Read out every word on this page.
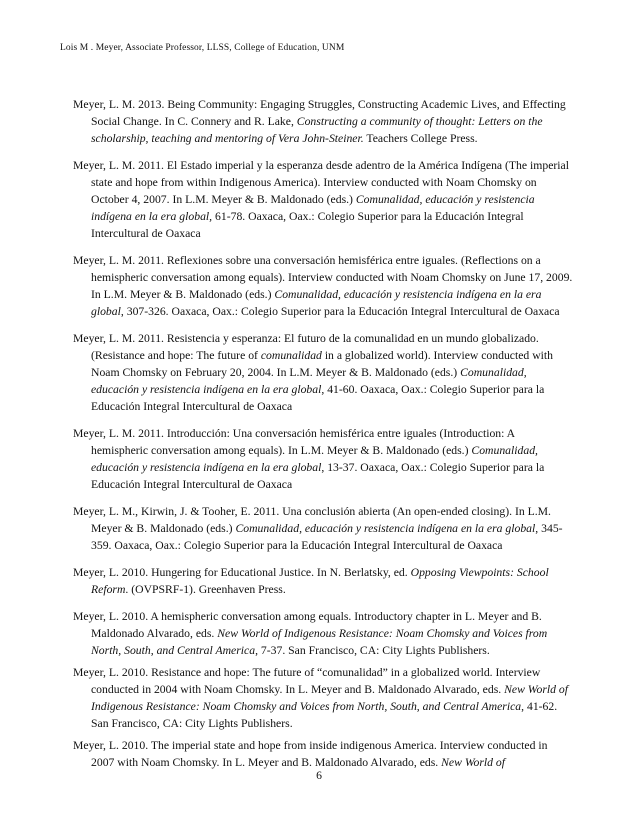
Lois M . Meyer, Associate Professor, LLSS, College of Education, UNM

Meyer, L. M. 2013. Being Community: Engaging Struggles, Constructing Academic Lives, and Effecting Social Change. In C. Connery and R. Lake, Constructing a community of thought: Letters on the scholarship, teaching and mentoring of Vera John-Steiner. Teachers College Press.

Meyer, L. M. 2011. El Estado imperial y la esperanza desde adentro de la América Indígena (The imperial state and hope from within Indigenous America). Interview conducted with Noam Chomsky on October 4, 2007. In L.M. Meyer & B. Maldonado (eds.) Comunalidad, educación y resistencia indígena en la era global, 61-78. Oaxaca, Oax.: Colegio Superior para la Educación Integral Intercultural de Oaxaca

Meyer, L. M. 2011. Reflexiones sobre una conversación hemisférica entre iguales. (Reflections on a hemispheric conversation among equals). Interview conducted with Noam Chomsky on June 17, 2009. In L.M. Meyer & B. Maldonado (eds.) Comunalidad, educación y resistencia indígena en la era global, 307-326. Oaxaca, Oax.: Colegio Superior para la Educación Integral Intercultural de Oaxaca

Meyer, L. M. 2011. Resistencia y esperanza: El futuro de la comunalidad en un mundo globalizado. (Resistance and hope: The future of comunalidad in a globalized world). Interview conducted with Noam Chomsky on February 20, 2004. In L.M. Meyer & B. Maldonado (eds.) Comunalidad, educación y resistencia indígena en la era global, 41-60. Oaxaca, Oax.: Colegio Superior para la Educación Integral Intercultural de Oaxaca

Meyer, L. M. 2011. Introducción: Una conversación hemisférica entre iguales (Introduction: A hemispheric conversation among equals). In L.M. Meyer & B. Maldonado (eds.) Comunalidad, educación y resistencia indígena en la era global, 13-37. Oaxaca, Oax.: Colegio Superior para la Educación Integral Intercultural de Oaxaca

Meyer, L. M., Kirwin, J. & Tooher, E. 2011. Una conclusión abierta (An open-ended closing). In L.M. Meyer & B. Maldonado (eds.) Comunalidad, educación y resistencia indígena en la era global, 345-359. Oaxaca, Oax.: Colegio Superior para la Educación Integral Intercultural de Oaxaca

Meyer, L. 2010. Hungering for Educational Justice. In N. Berlatsky, ed. Opposing Viewpoints: School Reform. (OVPSRF-1). Greenhaven Press.

Meyer, L. 2010. A hemispheric conversation among equals. Introductory chapter in L. Meyer and B. Maldonado Alvarado, eds. New World of Indigenous Resistance: Noam Chomsky and Voices from North, South, and Central America, 7-37. San Francisco, CA: City Lights Publishers.

Meyer, L. 2010. Resistance and hope: The future of “comunalidad” in a globalized world. Interview conducted in 2004 with Noam Chomsky. In L. Meyer and B. Maldonado Alvarado, eds. New World of Indigenous Resistance: Noam Chomsky and Voices from North, South, and Central America, 41-62. San Francisco, CA: City Lights Publishers.

Meyer, L. 2010. The imperial state and hope from inside indigenous America. Interview conducted in 2007 with Noam Chomsky. In L. Meyer and B. Maldonado Alvarado, eds. New World of

6
